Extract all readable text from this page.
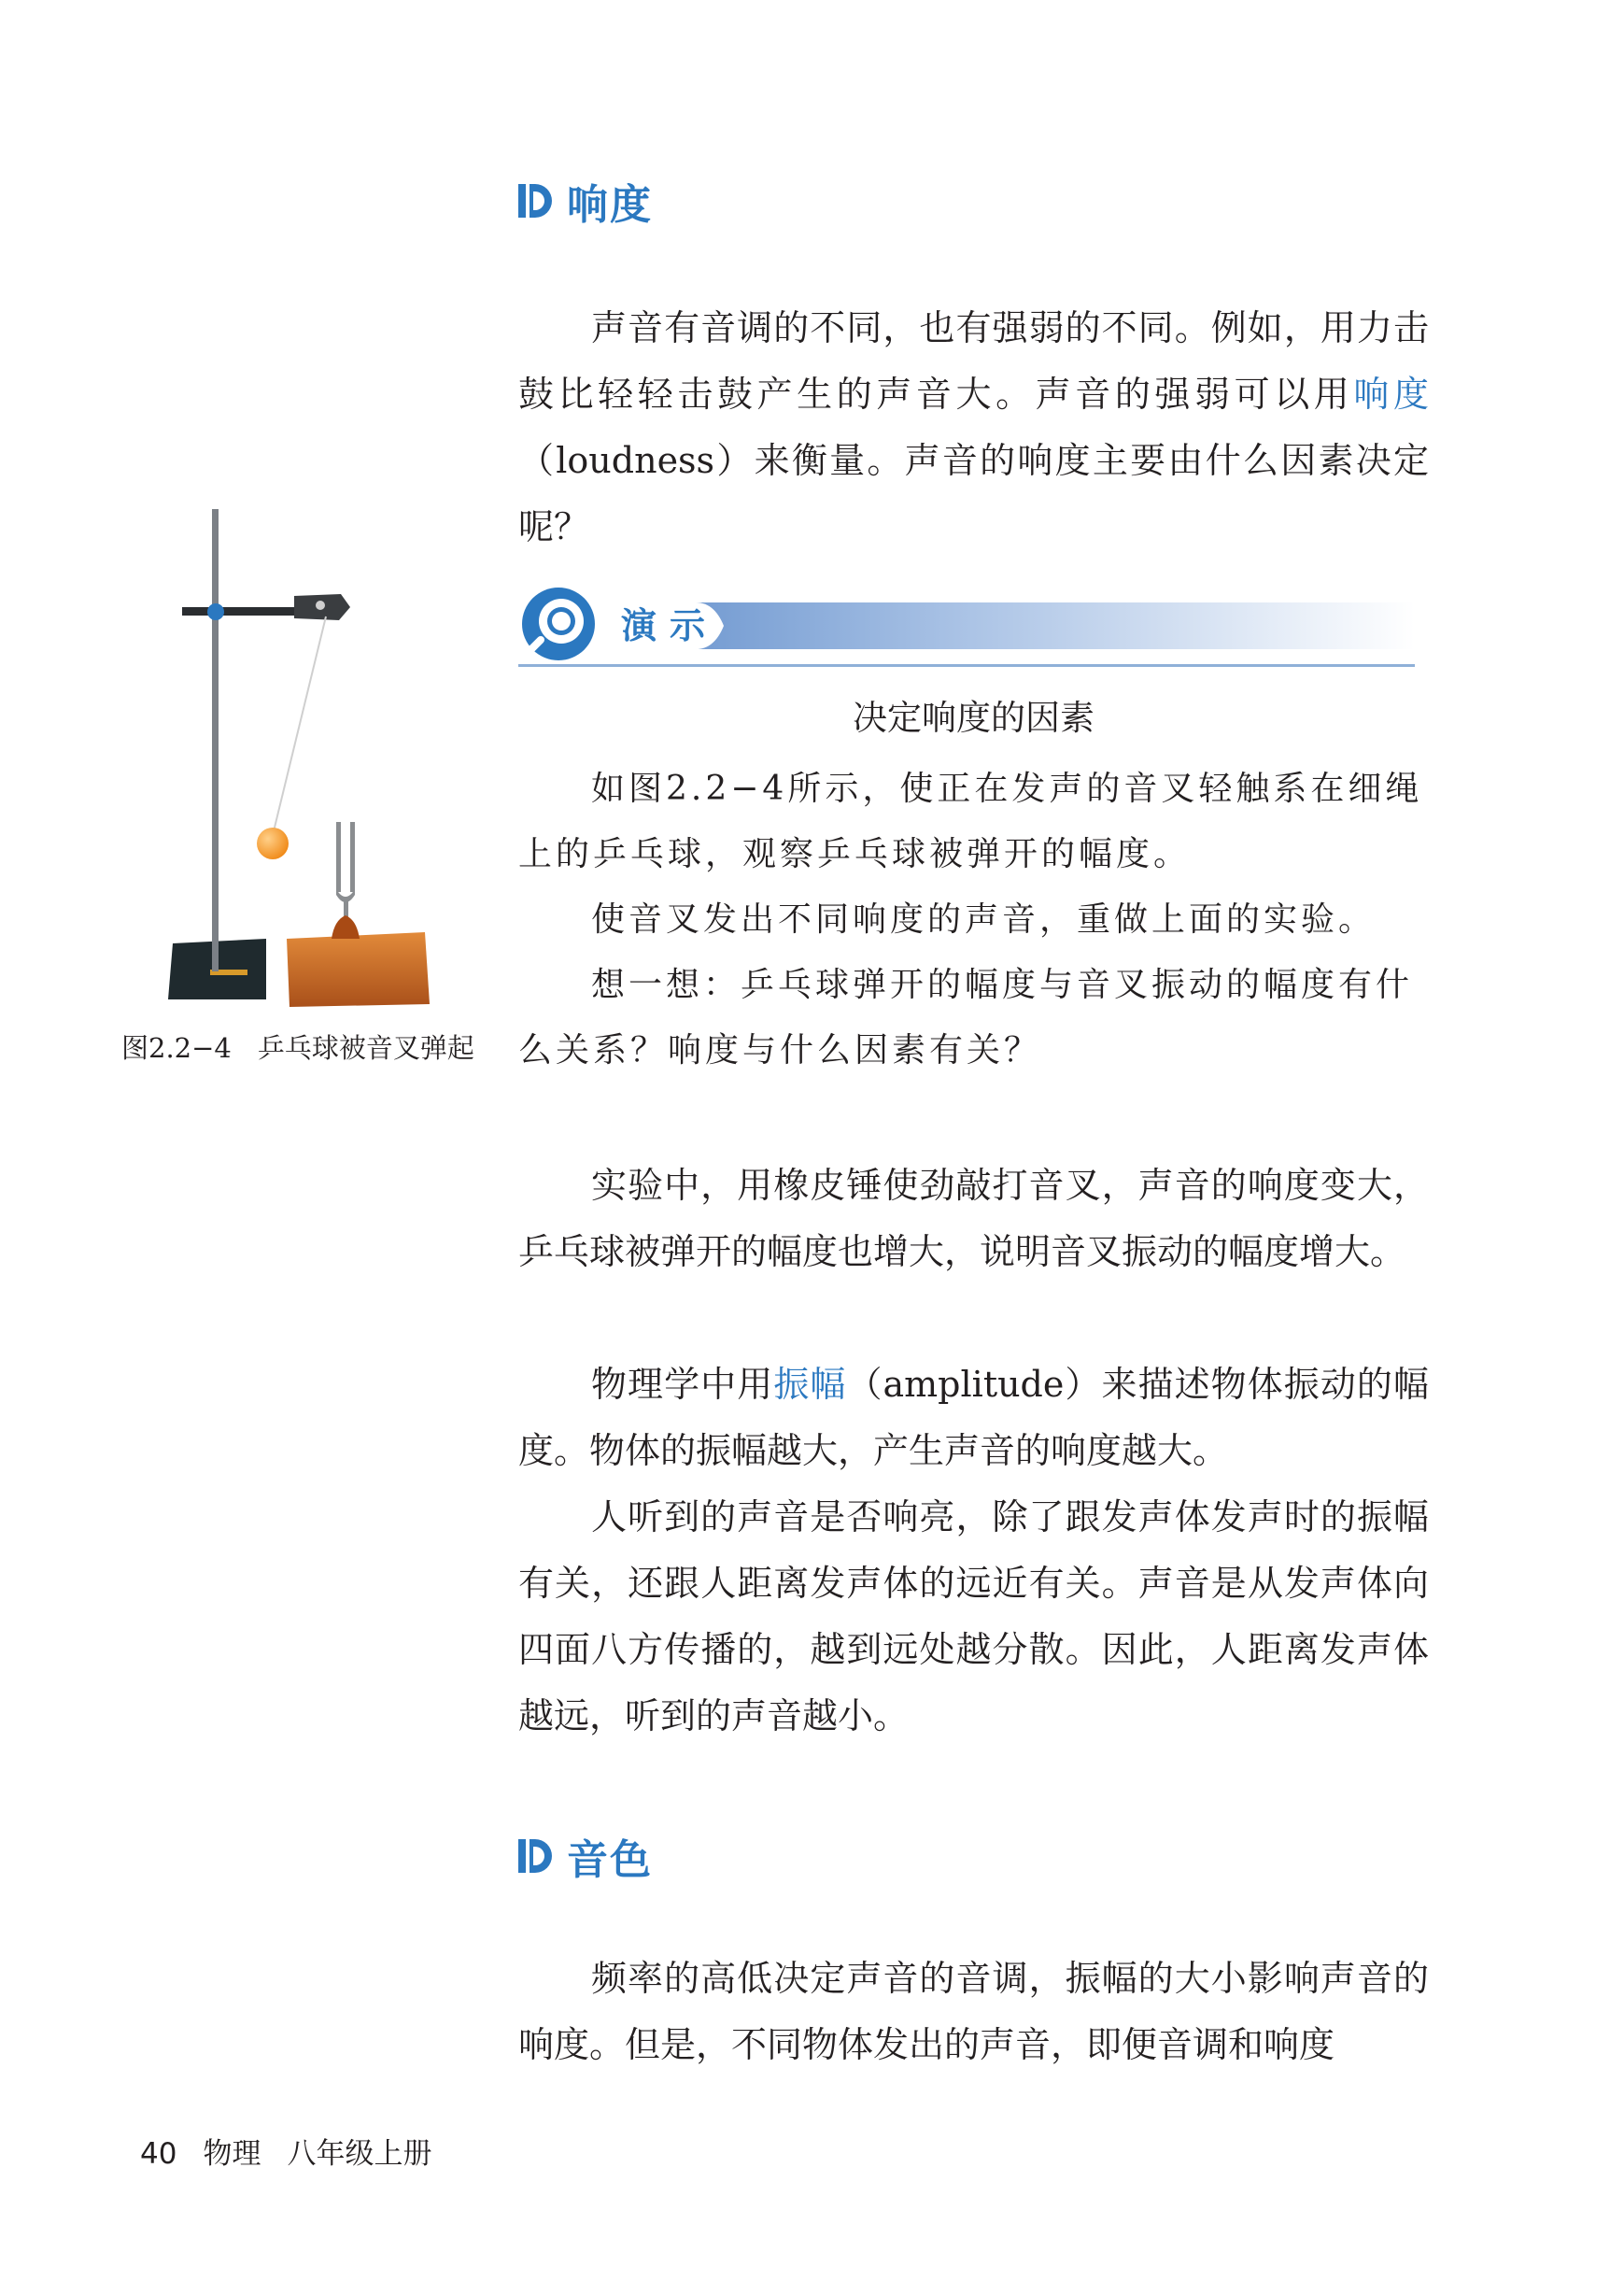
响度

声音有音调的不同，也有强弱的不同。例如，用力击鼓比轻轻击鼓产生的声音大。声音的强弱可以用响度（loudness）来衡量。声音的响度主要由什么因素决定呢？

演示
决定响度的因素

如图2.2−4所示，使正在发声的音叉轻触系在细绳上的乒乓球，观察乒乓球被弹开的幅度。

使音叉发出不同响度的声音，重做上面的实验。

想一想：乒乓球弹开的幅度与音叉振动的幅度有什么关系？响度与什么因素有关？

图2.2−4 乒乓球被音叉弹起

实验中，用橡皮锤使劲敲打音叉，声音的响度变大，乒乓球被弹开的幅度也增大，说明音叉振动的幅度增大。

物理学中用振幅（amplitude）来描述物体振动的幅度。物体的振幅越大，产生声音的响度越大。

人听到的声音是否响亮，除了跟发声体发声时的振幅有关，还跟人距离发声体的远近有关。声音是从发声体向四面八方传播的，越到远处越分散。因此，人距离发声体越远，听到的声音越小。

音色

频率的高低决定声音的音调，振幅的大小影响声音的响度。但是，不同物体发出的声音，即便音调和响度

40 物理 八年级上册
